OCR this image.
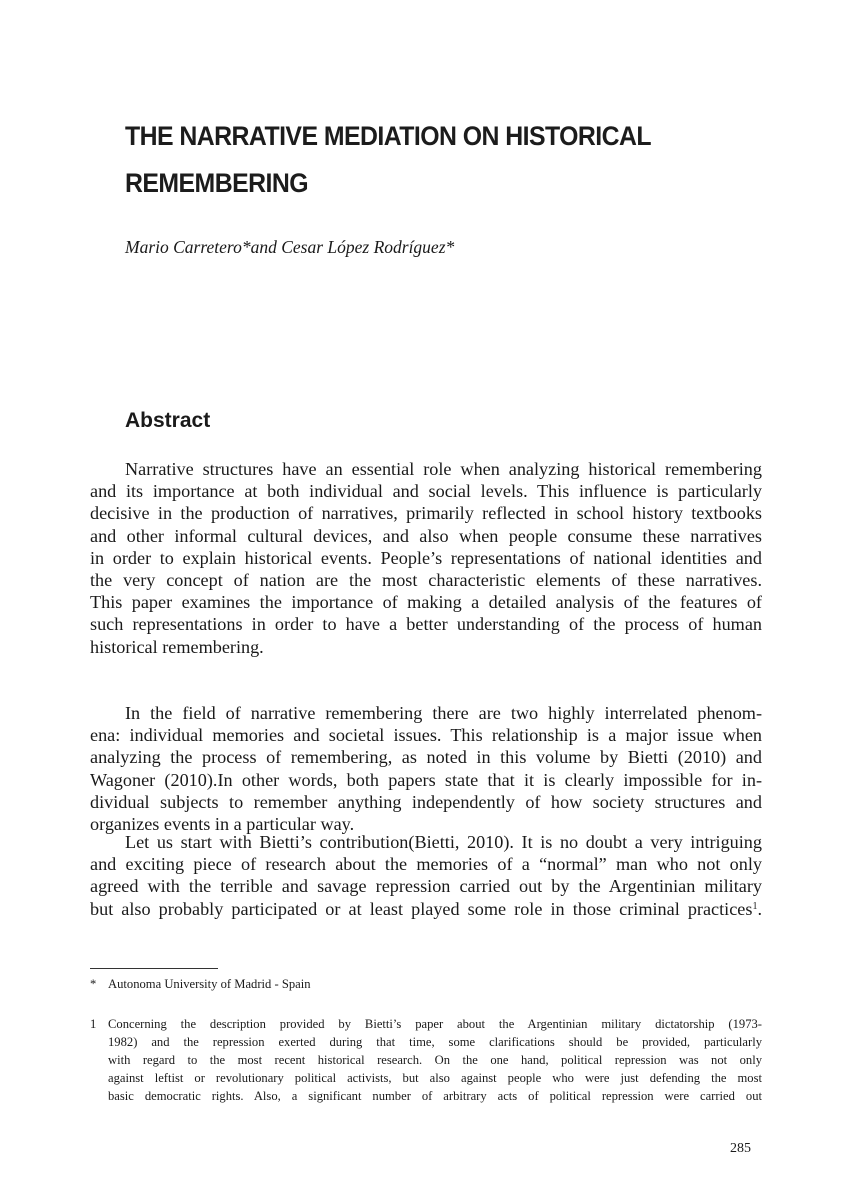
THE NARRATIVE MEDIATION ON HISTORICAL
REMEMBERING

Mario Carretero*and Cesar López Rodríguez*

Abstract
Narrative structures have an essential role when analyzing historical remembering
and its importance at both individual and social levels. This influence is particularly
decisive in the production of narratives, primarily reflected in school history textbooks
and other informal cultural devices, and also when people consume these narratives
in order to explain historical events. People’s representations of national identities and
the very concept of nation are the most characteristic elements of these narratives.
This paper examines the importance of making a detailed analysis of the features of
such representations in order to have a better understanding of the process of human
historical remembering.
In the field of narrative remembering there are two highly interrelated phenom-
ena: individual memories and societal issues. This relationship is a major issue when
analyzing the process of remembering, as noted in this volume by Bietti (2010) and
Wagoner (2010).In other words, both papers state that it is clearly impossible for in-
dividual subjects to remember anything independently of how society structures and
organizes events in a particular way.
Let us start with Bietti’s contribution(Bietti, 2010). It is no doubt a very intriguing
and exciting piece of research about the memories of a “normal” man who not only
agreed with the terrible and savage repression carried out by the Argentinian military
but also probably participated or at least played some role in those criminal practices$^1$.
* Autonoma University of Madrid - Spain
1 Concerning the description provided by Bietti’s paper about the Argentinian military dictatorship (1973-
1982) and the repression exerted during that time, some clarifications should be provided, particularly
with regard to the most recent historical research. On the one hand, political repression was not only
against leftist or revolutionary political activists, but also against people who were just defending the most
basic democratic rights. Also, a significant number of arbitrary acts of political repression were carried out
285
